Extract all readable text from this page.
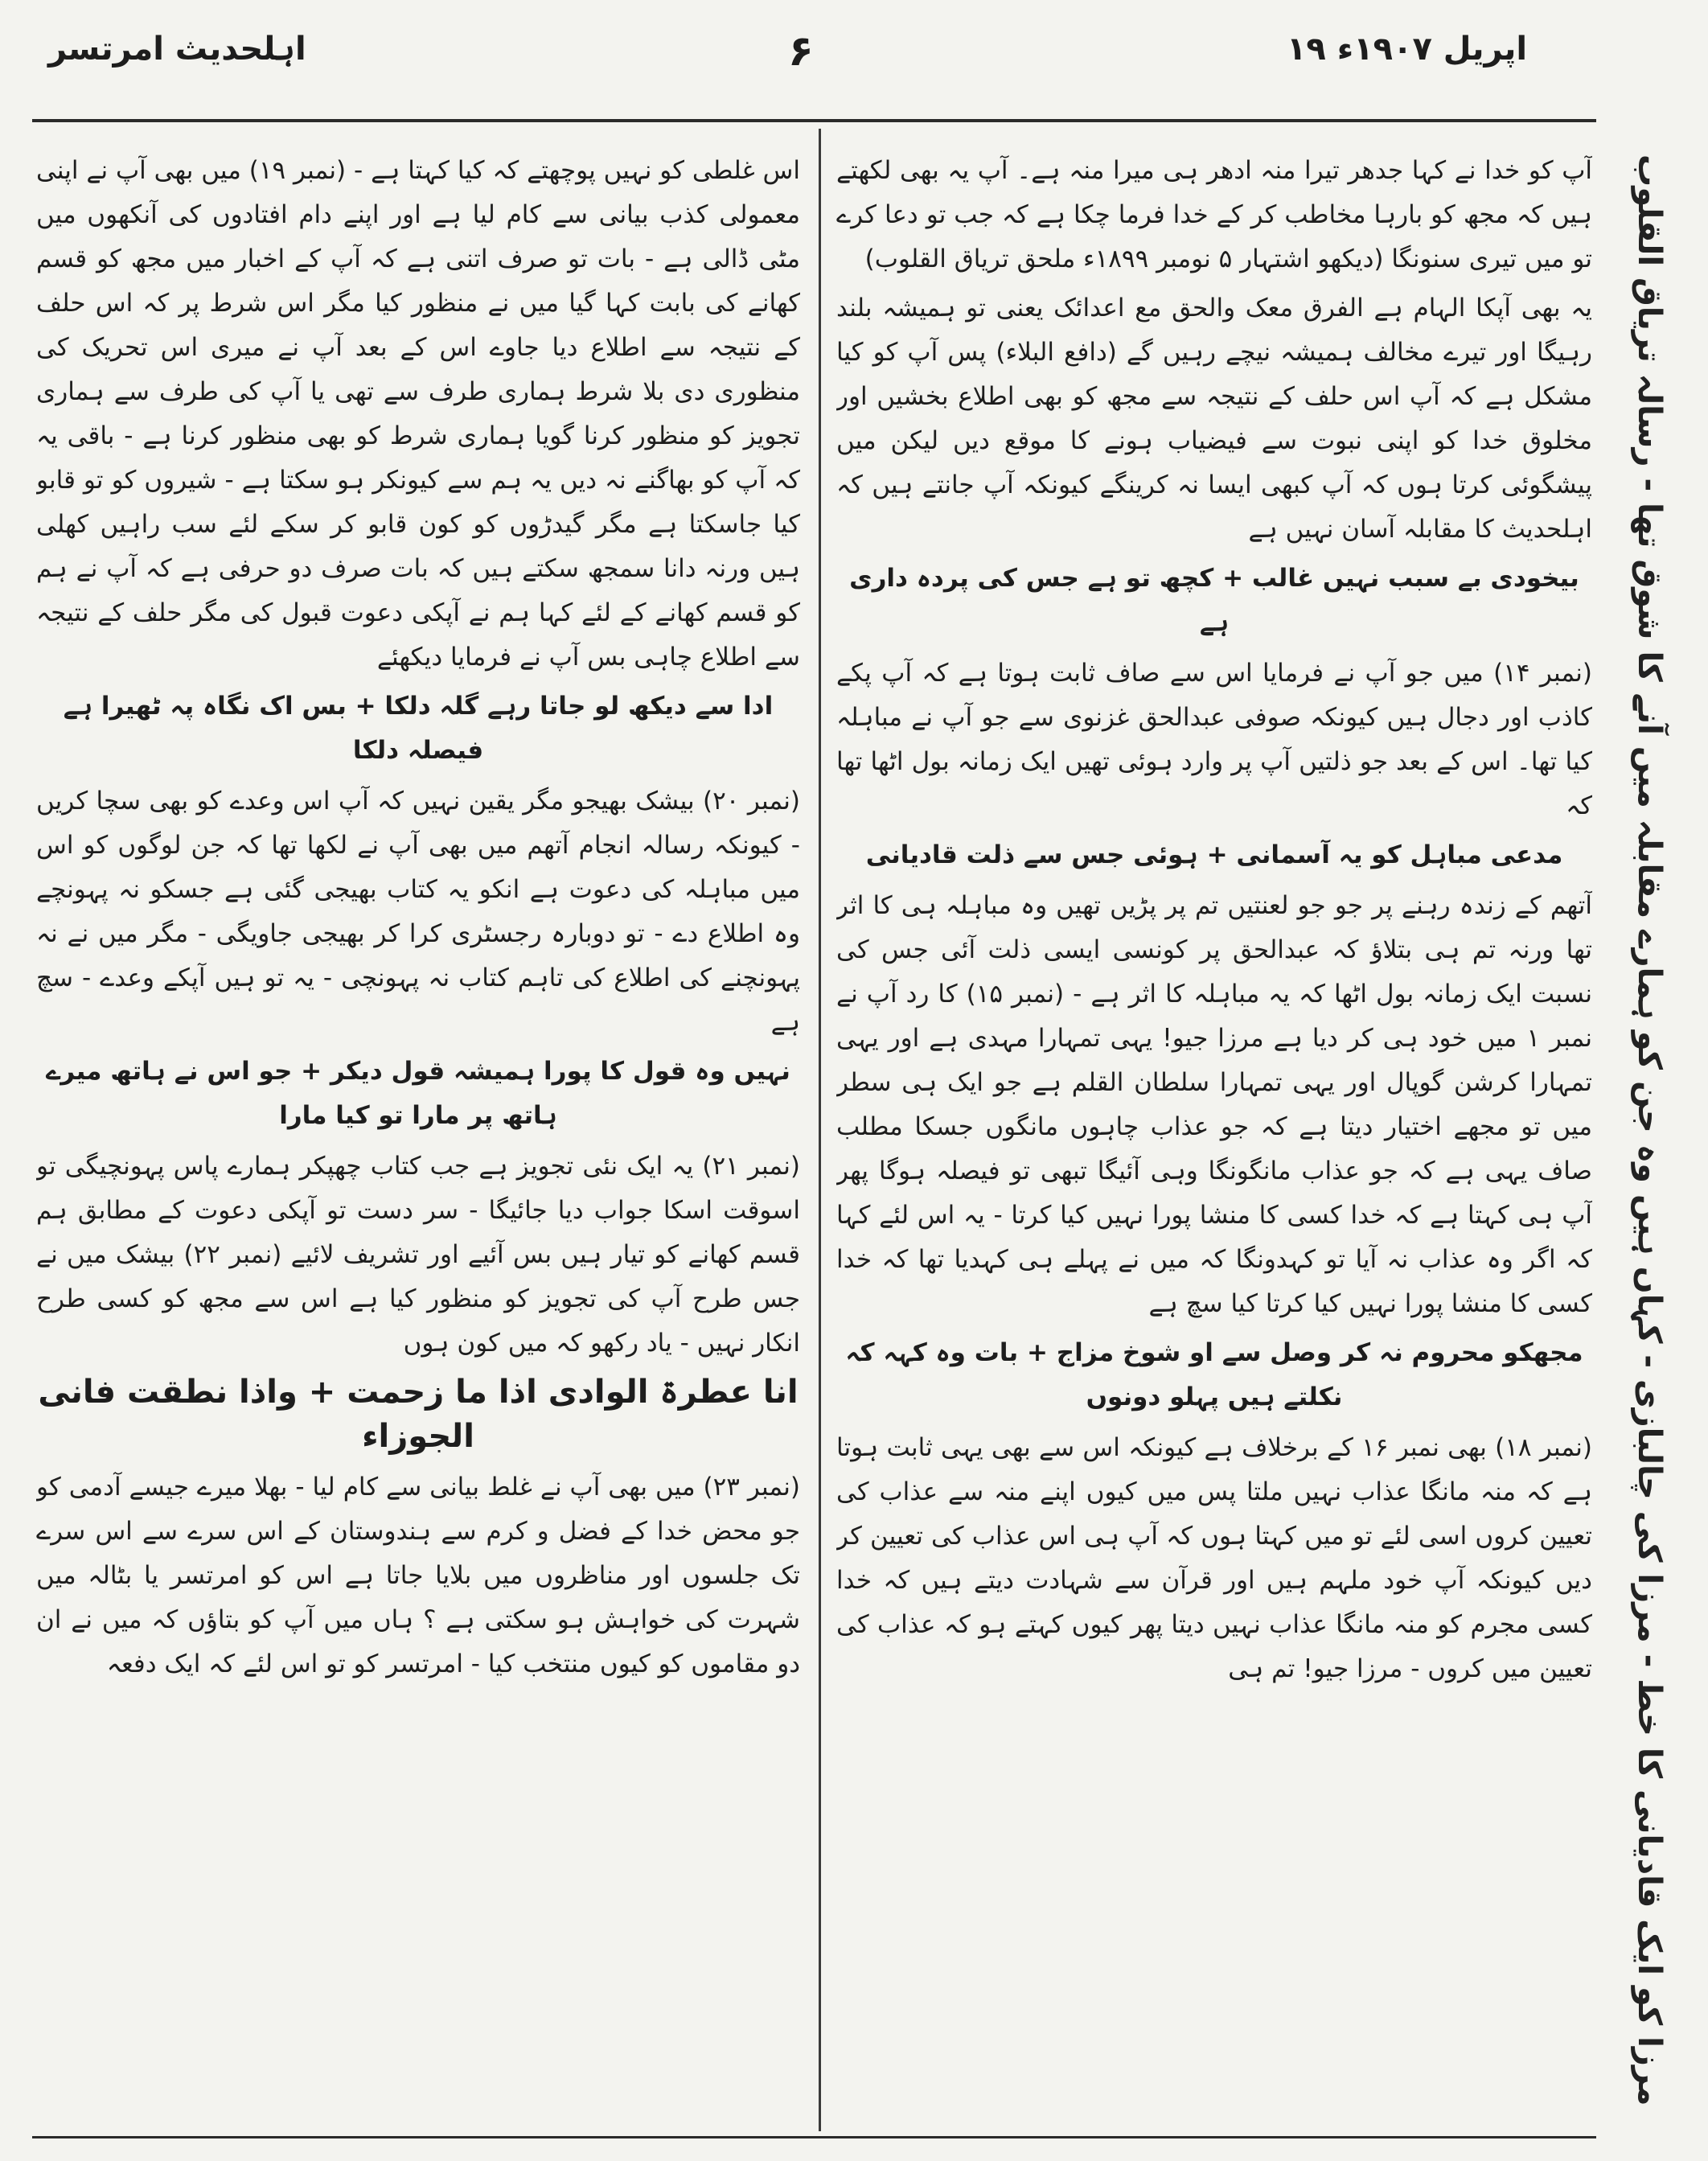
اہلحدیث امرتسر	۶	۱۹ اپریل ۱۹۰۷ء
مرزا کو ایک قادیانی کا خط - مرزا کی چالبازی - کہاں ہیں وہ جن کو ہمارے مقابلہ میں آنے کا شوق تھا - رسالہ تریاق القلوب

آپ کو خدا نے کہا جدھر تیرا منہ ادھر ہی میرا منہ ہے۔ آپ یہ بھی لکھتے ہیں کہ مجھ کو بارہا مخاطب کر کے خدا فرما چکا ہے کہ جب تو دعا کرے تو میں تیری سنونگا (دیکھو اشتہار ۵ نومبر ۱۸۹۹ء ملحق تریاق القلوب)

یہ بھی آپکا الہام ہے الفرق معک والحق مع اعدائک یعنی تو ہمیشہ بلند رہیگا اور تیرے مخالف ہمیشہ نیچے رہیں گے (دافع البلاء) پس آپ کو کیا مشکل ہے کہ آپ اس حلف کے نتیجہ سے مجھ کو بھی اطلاع بخشیں اور مخلوق خدا کو اپنی نبوت سے فیضیاب ہونے کا موقع دیں لیکن میں پیشگوئی کرتا ہوں کہ آپ کبھی ایسا نہ کرینگے کیونکہ آپ جانتے ہیں کہ اہلحدیث کا مقابلہ آسان نہیں ہے

بیخودی بے سبب نہیں غالب + کچھ تو ہے جس کی پردہ داری ہے

(نمبر ۱۴) میں جو آپ نے فرمایا اس سے صاف ثابت ہوتا ہے کہ آپ پکے کاذب اور دجال ہیں کیونکہ صوفی عبدالحق غزنوی سے جو آپ نے مباہلہ کیا تھا۔ اس کے بعد جو ذلتیں آپ پر وارد ہوئی تھیں ایک زمانہ بول اٹھا تھا کہ

مدعی مباہل کو یہ آسمانی + ہوئی جس سے ذلت قادیانی

آتھم کے زندہ رہنے پر جو جو لعنتیں تم پر پڑیں تھیں وہ مباہلہ ہی کا اثر تھا ورنہ تم ہی بتلاؤ کہ عبدالحق پر کونسی ایسی ذلت آئی جس کی نسبت ایک زمانہ بول اٹھا کہ یہ مباہلہ کا اثر ہے - (نمبر ۱۵) کا رد آپ نے نمبر ۱ میں خود ہی کر دیا ہے مرزا جیو! یہی تمہارا مہدی ہے اور یہی تمہارا کرشن گوپال اور یہی تمہارا سلطان القلم ہے جو ایک ہی سطر میں تو مجھے اختیار دیتا ہے کہ جو عذاب چاہوں مانگوں جسکا مطلب صاف یہی ہے کہ جو عذاب مانگونگا وہی آئیگا تبھی تو فیصلہ ہوگا پھر آپ ہی کہتا ہے کہ خدا کسی کا منشا پورا نہیں کیا کرتا - یہ اس لئے کہا کہ اگر وہ عذاب نہ آیا تو کہدونگا کہ میں نے پہلے ہی کہدیا تھا کہ خدا کسی کا منشا پورا نہیں کیا کرتا کیا سچ ہے

مجھکو محروم نہ کر وصل سے او شوخ مزاج + بات وہ کہہ کہ نکلتے ہیں پہلو دونوں

(نمبر ۱۸) بھی نمبر ۱۶ کے برخلاف ہے کیونکہ اس سے بھی یہی ثابت ہوتا ہے کہ منہ مانگا عذاب نہیں ملتا پس میں کیوں اپنے منہ سے عذاب کی تعیین کروں اسی لئے تو میں کہتا ہوں کہ آپ ہی اس عذاب کی تعیین کر دیں کیونکہ آپ خود ملہم ہیں اور قرآن سے شہادت دیتے ہیں کہ خدا کسی مجرم کو منہ مانگا عذاب نہیں دیتا پھر کیوں کہتے ہو کہ عذاب کی تعیین میں کروں - مرزا جیو! تم ہی

اس غلطی کو نہیں پوچھتے کہ کیا کہتا ہے - (نمبر ۱۹) میں بھی آپ نے اپنی معمولی کذب بیانی سے کام لیا ہے اور اپنے دام افتادوں کی آنکھوں میں مٹی ڈالی ہے - بات تو صرف اتنی ہے کہ آپ کے اخبار میں مجھ کو قسم کھانے کی بابت کہا گیا میں نے منظور کیا مگر اس شرط پر کہ اس حلف کے نتیجہ سے اطلاع دیا جاوے اس کے بعد آپ نے میری اس تحریک کی منظوری دی بلا شرط ہماری طرف سے تھی یا آپ کی طرف سے ہماری تجویز کو منظور کرنا گویا ہماری شرط کو بھی منظور کرنا ہے - باقی یہ کہ آپ کو بھاگنے نہ دیں یہ ہم سے کیونکر ہو سکتا ہے - شیروں کو تو قابو کیا جاسکتا ہے مگر گیدڑوں کو کون قابو کر سکے لئے سب راہیں کھلی ہیں ورنہ دانا سمجھ سکتے ہیں کہ بات صرف دو حرفی ہے کہ آپ نے ہم کو قسم کھانے کے لئے کہا ہم نے آپکی دعوت قبول کی مگر حلف کے نتیجہ سے اطلاع چاہی بس آپ نے فرمایا دیکھئے

ادا سے دیکھ لو جاتا رہے گلہ دلکا + بس اک نگاہ پہ ٹھیرا ہے فیصلہ دلکا

(نمبر ۲۰) بیشک بھیجو مگر یقین نہیں کہ آپ اس وعدے کو بھی سچا کریں - کیونکہ رسالہ انجام آتھم میں بھی آپ نے لکھا تھا کہ جن لوگوں کو اس میں مباہلہ کی دعوت ہے انکو یہ کتاب بھیجی گئی ہے جسکو نہ پہونچے وہ اطلاع دے - تو دوبارہ رجسٹری کرا کر بھیجی جاویگی - مگر میں نے نہ پہونچنے کی اطلاع کی تاہم کتاب نہ پہونچی - یہ تو ہیں آپکے وعدے - سچ ہے

نہیں وہ قول کا پورا ہمیشہ قول دیکر + جو اس نے ہاتھ میرے ہاتھ پر مارا تو کیا مارا

(نمبر ۲۱) یہ ایک نئی تجویز ہے جب کتاب چھپکر ہمارے پاس پہونچیگی تو اسوقت اسکا جواب دیا جائیگا - سر دست تو آپکی دعوت کے مطابق ہم قسم کھانے کو تیار ہیں بس آئیے اور تشریف لائیے (نمبر ۲۲) بیشک میں نے جس طرح آپ کی تجویز کو منظور کیا ہے اس سے مجھ کو کسی طرح انکار نہیں - یاد رکھو کہ میں کون ہوں

انا عطرۃ الوادی اذا ما زحمت + واذا نطقت فانی الجوزاء

(نمبر ۲۳) میں بھی آپ نے غلط بیانی سے کام لیا - بھلا میرے جیسے آدمی کو جو محض خدا کے فضل و کرم سے ہندوستان کے اس سرے سے اس سرے تک جلسوں اور مناظروں میں بلایا جاتا ہے اس کو امرتسر یا بٹالہ میں شہرت کی خواہش ہو سکتی ہے ؟ ہاں میں آپ کو بتاؤں کہ میں نے ان دو مقاموں کو کیوں منتخب کیا - امرتسر کو تو اس لئے کہ ایک دفعہ
